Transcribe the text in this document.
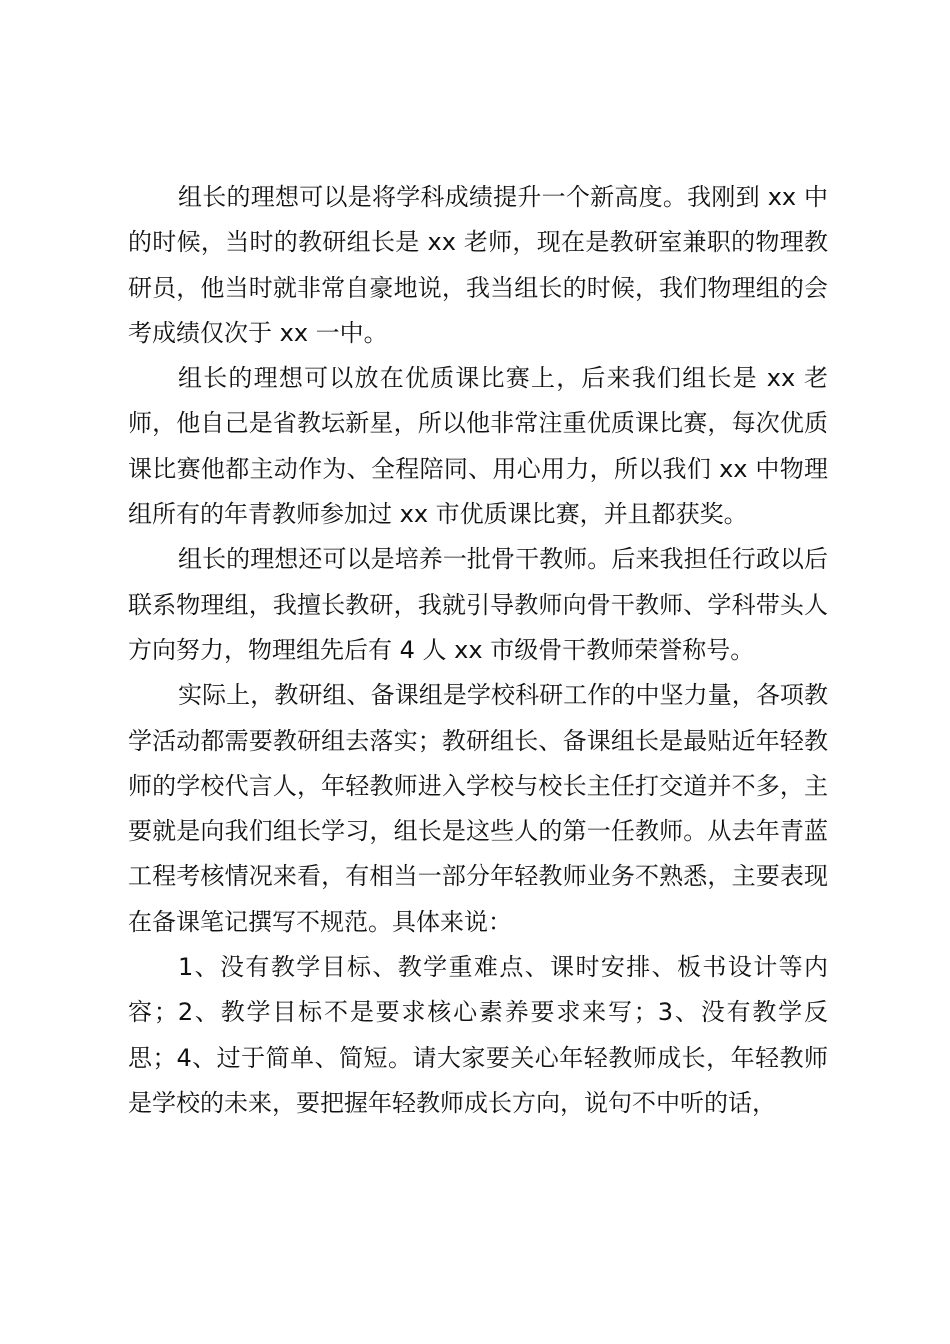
组长的理想可以是将学科成绩提升一个新高度。我刚到 xx 中的时候，当时的教研组长是 xx 老师，现在是教研室兼职的物理教研员，他当时就非常自豪地说，我当组长的时候，我们物理组的会考成绩仅次于 xx 一中。

组长的理想可以放在优质课比赛上，后来我们组长是 xx 老师，他自己是省教坛新星，所以他非常注重优质课比赛，每次优质课比赛他都主动作为、全程陪同、用心用力，所以我们 xx 中物理组所有的年青教师参加过 xx 市优质课比赛，并且都获奖。

组长的理想还可以是培养一批骨干教师。后来我担任行政以后联系物理组，我擅长教研，我就引导教师向骨干教师、学科带头人方向努力，物理组先后有 4 人 xx 市级骨干教师荣誉称号。

实际上，教研组、备课组是学校科研工作的中坚力量，各项教学活动都需要教研组去落实；教研组长、备课组长是最贴近年轻教师的学校代言人，年轻教师进入学校与校长主任打交道并不多，主要就是向我们组长学习，组长是这些人的第一任教师。从去年青蓝工程考核情况来看，有相当一部分年轻教师业务不熟悉，主要表现在备课笔记撰写不规范。具体来说：

1、没有教学目标、教学重难点、课时安排、板书设计等内容；2、教学目标不是要求核心素养要求来写；3、没有教学反思；4、过于简单、简短。请大家要关心年轻教师成长，年轻教师是学校的未来，要把握年轻教师成长方向，说句不中听的话，
